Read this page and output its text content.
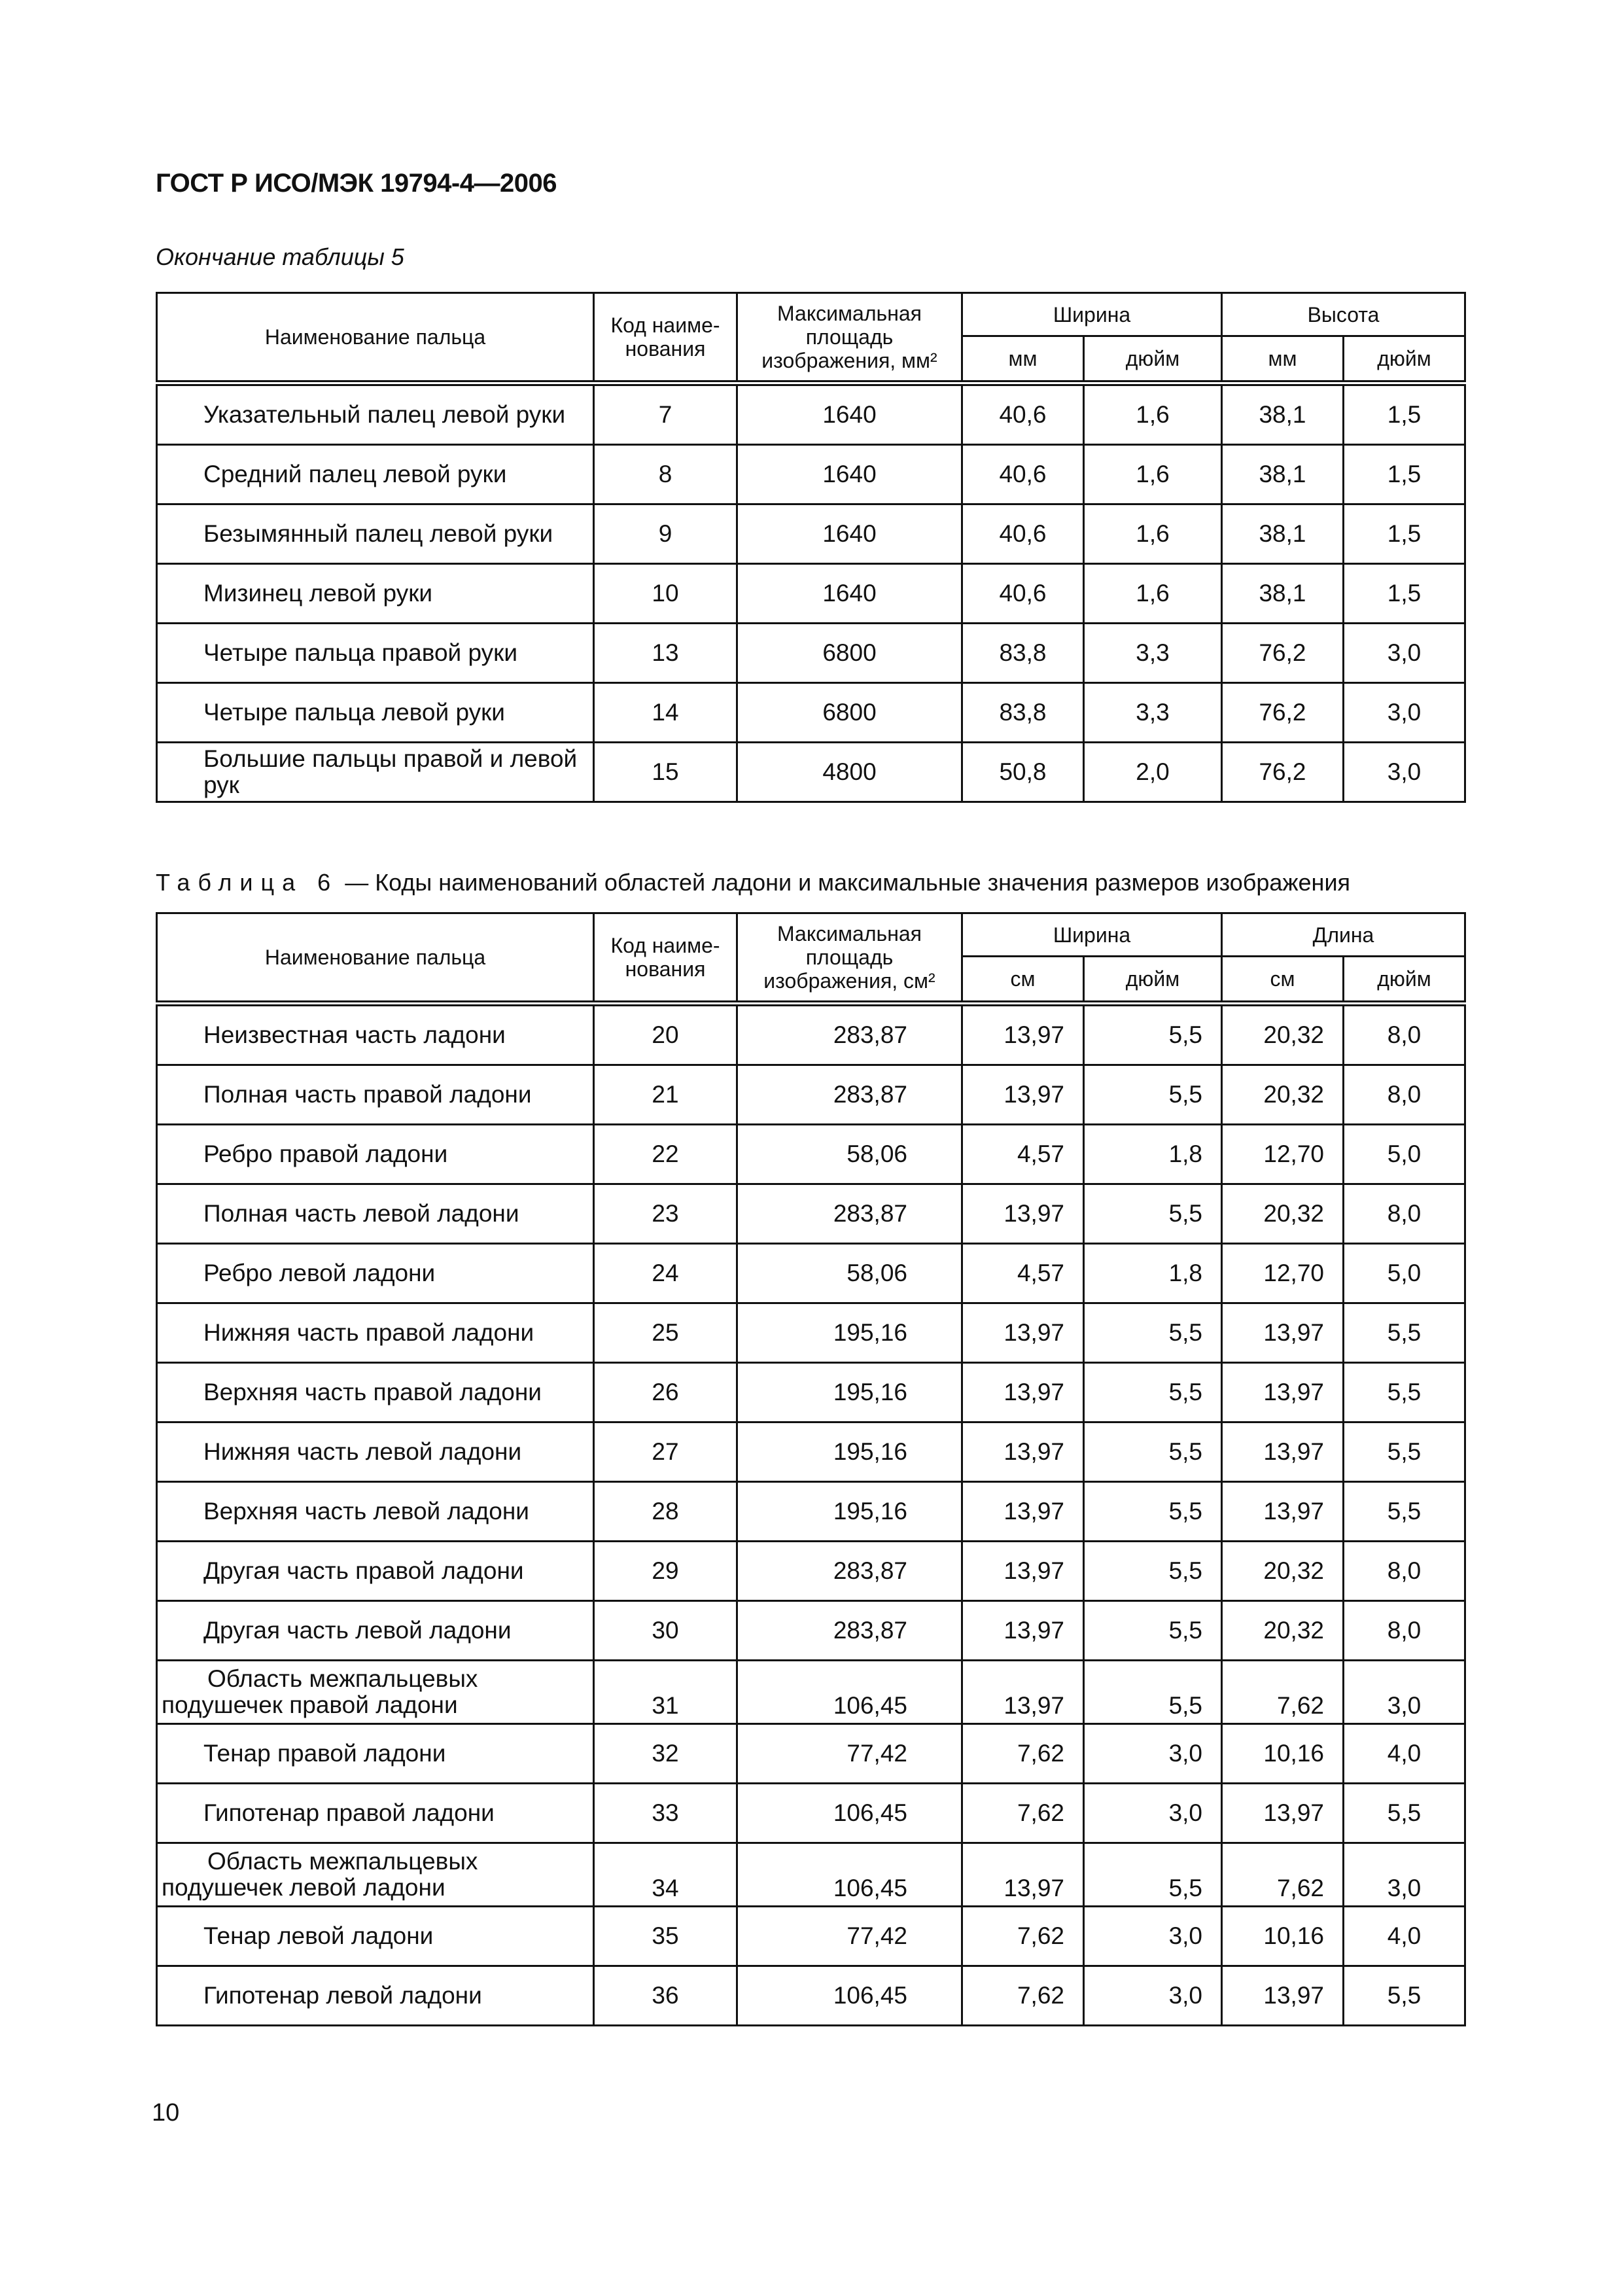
ГОСТ Р ИСО/МЭК 19794-4—2006
Окончание таблицы 5
Наименование пальца	Код наиме-нования	Максимальная площадь изображения, мм²	Ширина		Высота	
			мм	дюйм	мм	дюйм
Указательный палец левой руки	7	1640	40,6	1,6	38,1	1,5
Средний палец левой руки	8	1640	40,6	1,6	38,1	1,5
Безымянный палец левой руки	9	1640	40,6	1,6	38,1	1,5
Мизинец левой руки	10	1640	40,6	1,6	38,1	1,5
Четыре пальца правой руки	13	6800	83,8	3,3	76,2	3,0
Четыре пальца левой руки	14	6800	83,8	3,3	76,2	3,0
Большие пальцы правой и левой рук	15	4800	50,8	2,0	76,2	3,0
Таблица 6 — Коды наименований областей ладони и максимальные значения размеров изображения
Наименование пальца	Код наиме-нования	Максимальная площадь изображения, см²	Ширина		Длина	
			см	дюйм	см	дюйм
Неизвестная часть ладони	20	283,87	13,97	5,5	20,32	8,0
Полная часть правой ладони	21	283,87	13,97	5,5	20,32	8,0
Ребро правой ладони	22	58,06	4,57	1,8	12,70	5,0
Полная часть левой ладони	23	283,87	13,97	5,5	20,32	8,0
Ребро левой ладони	24	58,06	4,57	1,8	12,70	5,0
Нижняя часть правой ладони	25	195,16	13,97	5,5	13,97	5,5
Верхняя часть правой ладони	26	195,16	13,97	5,5	13,97	5,5
Нижняя часть левой ладони	27	195,16	13,97	5,5	13,97	5,5
Верхняя часть левой ладони	28	195,16	13,97	5,5	13,97	5,5
Другая часть правой ладони	29	283,87	13,97	5,5	20,32	8,0
Другая часть левой ладони	30	283,87	13,97	5,5	20,32	8,0
Область межпальцевых подушечек правой ладони	31	106,45	13,97	5,5	7,62	3,0
Тенар правой ладони	32	77,42	7,62	3,0	10,16	4,0
Гипотенар правой ладони	33	106,45	7,62	3,0	13,97	5,5
Область межпальцевых подушечек левой ладони	34	106,45	13,97	5,5	7,62	3,0
Тенар левой ладони	35	77,42	7,62	3,0	10,16	4,0
Гипотенар левой ладони	36	106,45	7,62	3,0	13,97	5,5
10
